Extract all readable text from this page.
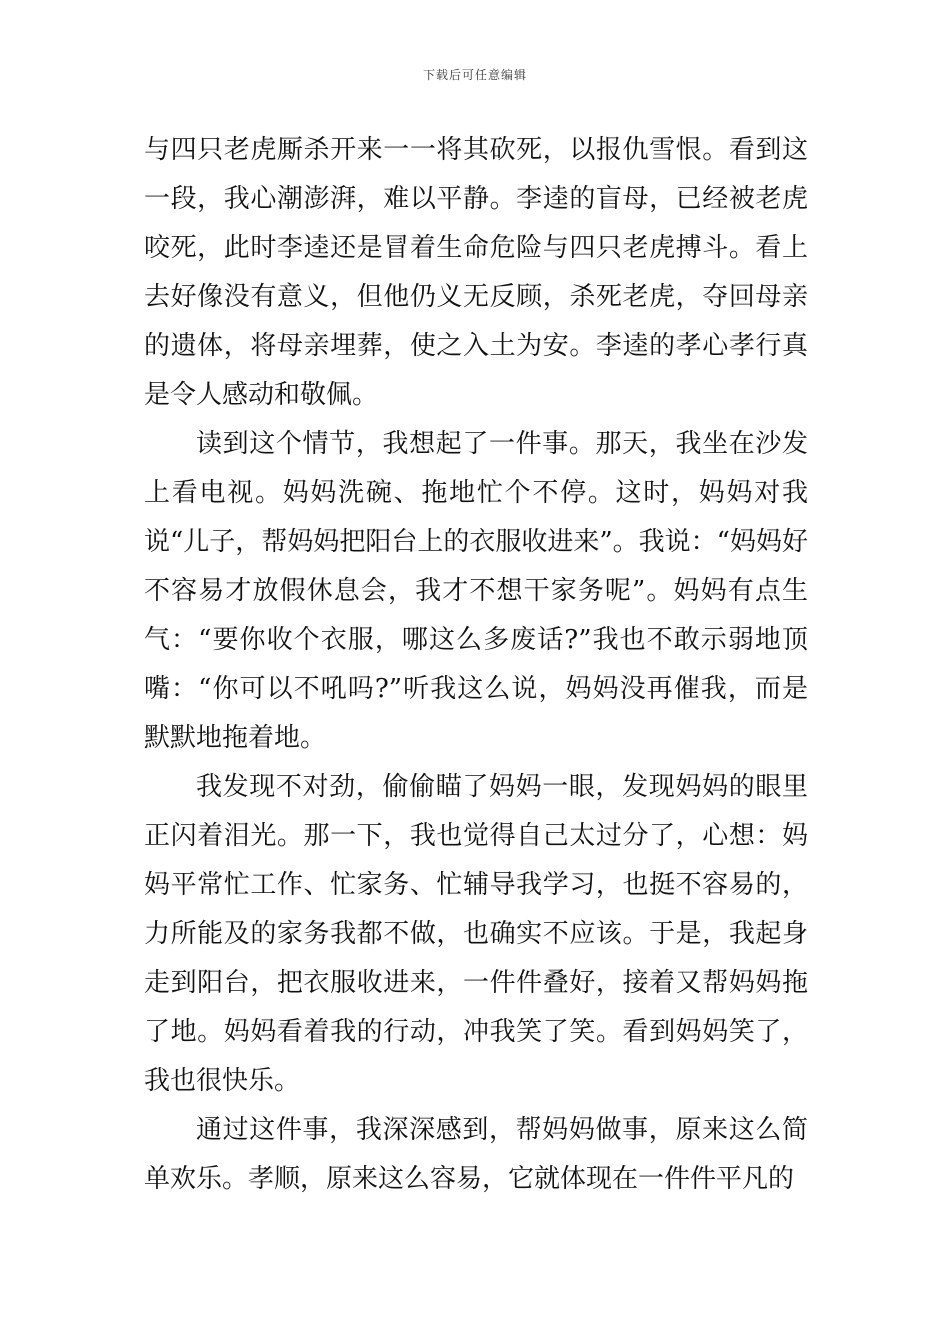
下载后可任意编辑

与四只老虎厮杀开来一一将其砍死，以报仇雪恨。看到这一段，我心潮澎湃，难以平静。李逵的盲母，已经被老虎咬死，此时李逵还是冒着生命危险与四只老虎搏斗。看上去好像没有意义，但他仍义无反顾，杀死老虎，夺回母亲的遗体，将母亲埋葬，使之入土为安。李逵的孝心孝行真是令人感动和敬佩。

读到这个情节，我想起了一件事。那天，我坐在沙发上看电视。妈妈洗碗、拖地忙个不停。这时，妈妈对我说“儿子，帮妈妈把阳台上的衣服收进来”。我说：“妈妈好不容易才放假休息会，我才不想干家务呢”。妈妈有点生气：“要你收个衣服，哪这么多废话?”我也不敢示弱地顶嘴：“你可以不吼吗?”听我这么说，妈妈没再催我，而是默默地拖着地。

我发现不对劲，偷偷瞄了妈妈一眼，发现妈妈的眼里正闪着泪光。那一下，我也觉得自己太过分了，心想：妈妈平常忙工作、忙家务、忙辅导我学习，也挺不容易的，力所能及的家务我都不做，也确实不应该。于是，我起身走到阳台，把衣服收进来，一件件叠好，接着又帮妈妈拖了地。妈妈看着我的行动，冲我笑了笑。看到妈妈笑了，我也很快乐。

通过这件事，我深深感到，帮妈妈做事，原来这么简单欢乐。孝顺，原来这么容易，它就体现在一件件平凡的
